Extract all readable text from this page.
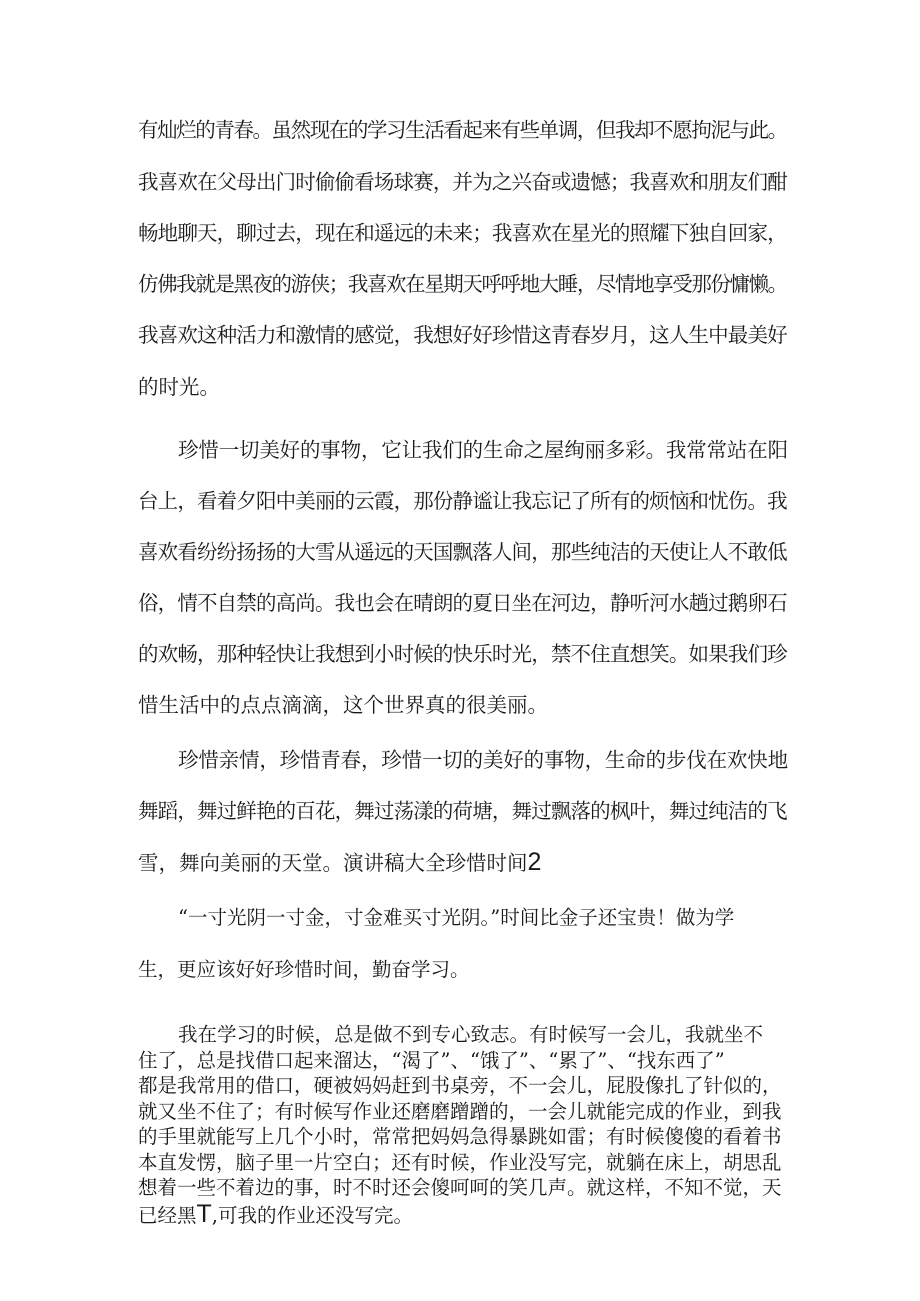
有灿烂的青春。虽然现在的学习生活看起来有些单调，但我却不愿拘泥与此。
我喜欢在父母出门时偷偷看场球赛，并为之兴奋或遗憾；我喜欢和朋友们酣
畅地聊天，聊过去，现在和遥远的未来；我喜欢在星光的照耀下独自回家，
仿佛我就是黑夜的游侠；我喜欢在星期天呼呼地大睡，尽情地享受那份慵懒。
我喜欢这种活力和激情的感觉，我想好好珍惜这青春岁月，这人生中最美好
的时光。
珍惜一切美好的事物，它让我们的生命之屋绚丽多彩。我常常站在阳
台上，看着夕阳中美丽的云霞，那份静谧让我忘记了所有的烦恼和忧伤。我
喜欢看纷纷扬扬的大雪从遥远的天国飘落人间，那些纯洁的天使让人不敢低
俗，情不自禁的高尚。我也会在晴朗的夏日坐在河边，静听河水趟过鹅卵石
的欢畅，那种轻快让我想到小时候的快乐时光，禁不住直想笑。如果我们珍
惜生活中的点点滴滴，这个世界真的很美丽。
珍惜亲情，珍惜青春，珍惜一切的美好的事物，生命的步伐在欢快地
舞蹈，舞过鲜艳的百花，舞过荡漾的荷塘，舞过飘落的枫叶，舞过纯洁的飞
雪，舞向美丽的天堂。演讲稿大全珍惜时间2
“一寸光阴一寸金，寸金难买寸光阴。”时间比金子还宝贵！做为学
生，更应该好好珍惜时间，勤奋学习。
我在学习的时候，总是做不到专心致志。有时候写一会儿，我就坐不
住了，总是找借口起来溜达，“渴了”、“饿了”、“累了”、“找东西了”
都是我常用的借口，硬被妈妈赶到书桌旁，不一会儿，屁股像扎了针似的，
就又坐不住了；有时候写作业还磨磨蹭蹭的，一会儿就能完成的作业，到我
的手里就能写上几个小时，常常把妈妈急得暴跳如雷；有时候傻傻的看着书
本直发愣，脑子里一片空白；还有时候，作业没写完，就躺在床上，胡思乱
想着一些不着边的事，时不时还会傻呵呵的笑几声。就这样，不知不觉，天
已经黑T,可我的作业还没写完。
